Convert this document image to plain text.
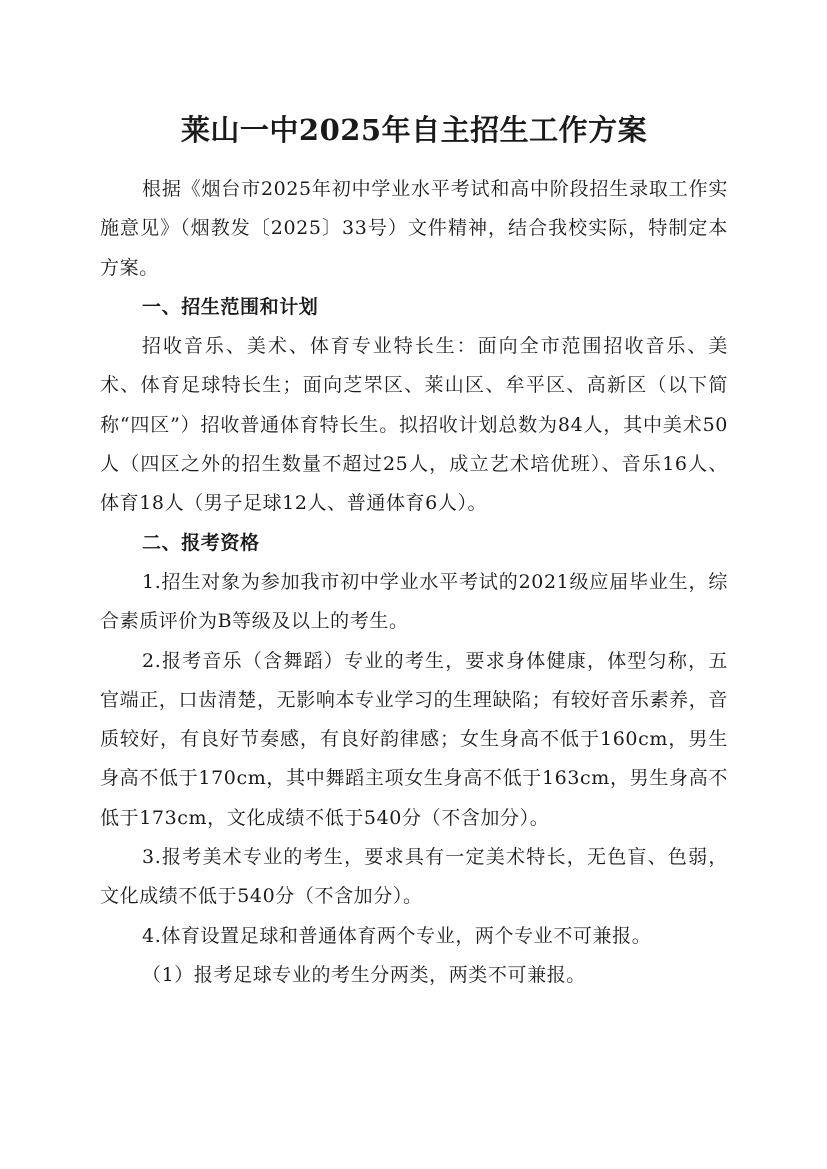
莱山一中2025年自主招生工作方案

根据《烟台市2025年初中学业水平考试和高中阶段招生录取工作实施意见》（烟教发〔2025〕33号）文件精神，结合我校实际，特制定本方案。

一、招生范围和计划

招收音乐、美术、体育专业特长生：面向全市范围招收音乐、美术、体育足球特长生；面向芝罘区、莱山区、牟平区、高新区（以下简称“四区”）招收普通体育特长生。拟招收计划总数为84人，其中美术50人（四区之外的招生数量不超过25人，成立艺术培优班）、音乐16人、体育18人（男子足球12人、普通体育6人）。

二、报考资格

1.招生对象为参加我市初中学业水平考试的2021级应届毕业生，综合素质评价为B等级及以上的考生。

2.报考音乐（含舞蹈）专业的考生，要求身体健康，体型匀称，五官端正，口齿清楚，无影响本专业学习的生理缺陷；有较好音乐素养，音质较好，有良好节奏感，有良好韵律感；女生身高不低于160cm，男生身高不低于170cm，其中舞蹈主项女生身高不低于163cm，男生身高不低于173cm，文化成绩不低于540分（不含加分）。

3.报考美术专业的考生，要求具有一定美术特长，无色盲、色弱，文化成绩不低于540分（不含加分）。

4.体育设置足球和普通体育两个专业，两个专业不可兼报。

（1）报考足球专业的考生分两类，两类不可兼报。
